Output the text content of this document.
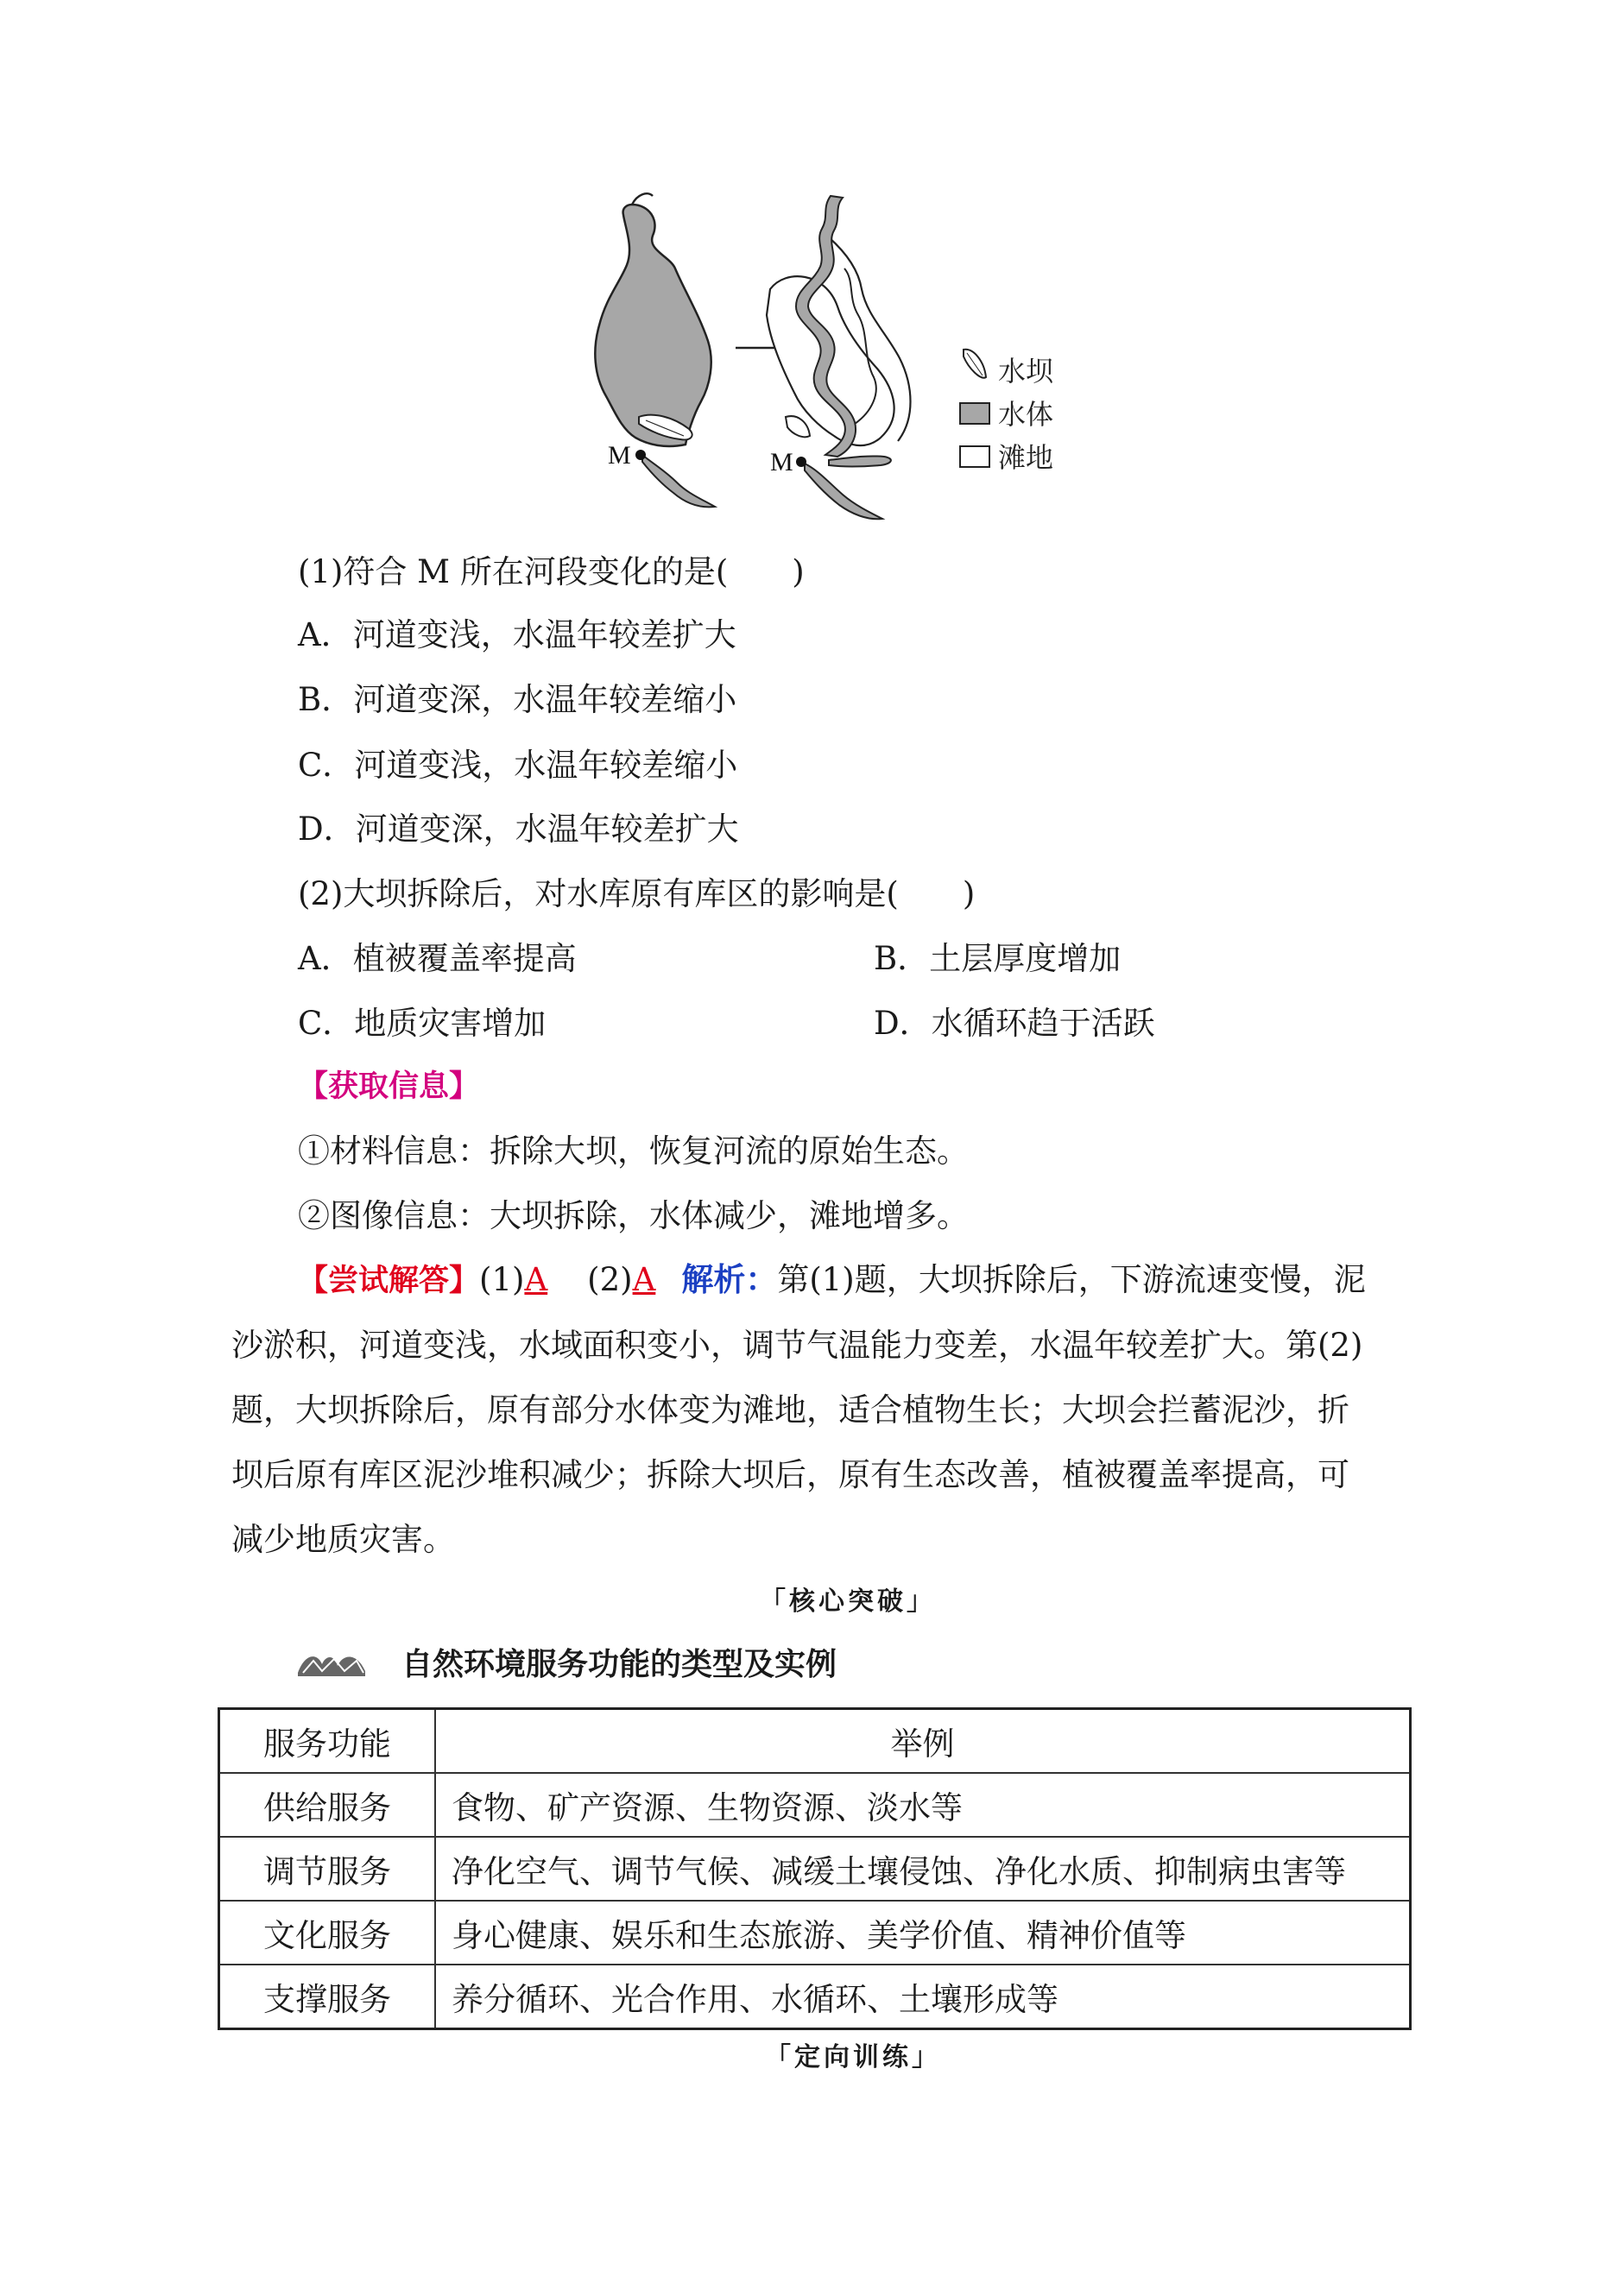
M	M
水坝
水体
滩地
(1)符合 M 所在河段变化的是(　　)
A．河道变浅，水温年较差扩大
B．河道变深，水温年较差缩小
C．河道变浅，水温年较差缩小
D．河道变深，水温年较差扩大
(2)大坝拆除后，对水库原有库区的影响是(　　)
A．植被覆盖率提高	B．土层厚度增加
C．地质灾害增加	D．水循环趋于活跃
【获取信息】
①材料信息：拆除大坝，恢复河流的原始生态。
②图像信息：大坝拆除，水体减少，滩地增多。
【尝试解答】(1)A (2)A 解析：第(1)题，大坝拆除后，下游流速变慢，泥
沙淤积，河道变浅，水域面积变小，调节气温能力变差，水温年较差扩大。第(2)
题，大坝拆除后，原有部分水体变为滩地，适合植物生长；大坝会拦蓄泥沙，折
坝后原有库区泥沙堆积减少；拆除大坝后，原有生态改善，植被覆盖率提高，可
减少地质灾害。
「核心突破」
自然环境服务功能的类型及实例
服务功能	举例
供给服务	食物、矿产资源、生物资源、淡水等
调节服务	净化空气、调节气候、减缓土壤侵蚀、净化水质、抑制病虫害等
文化服务	身心健康、娱乐和生态旅游、美学价值、精神价值等
支撑服务	养分循环、光合作用、水循环、土壤形成等
「定向训练」
